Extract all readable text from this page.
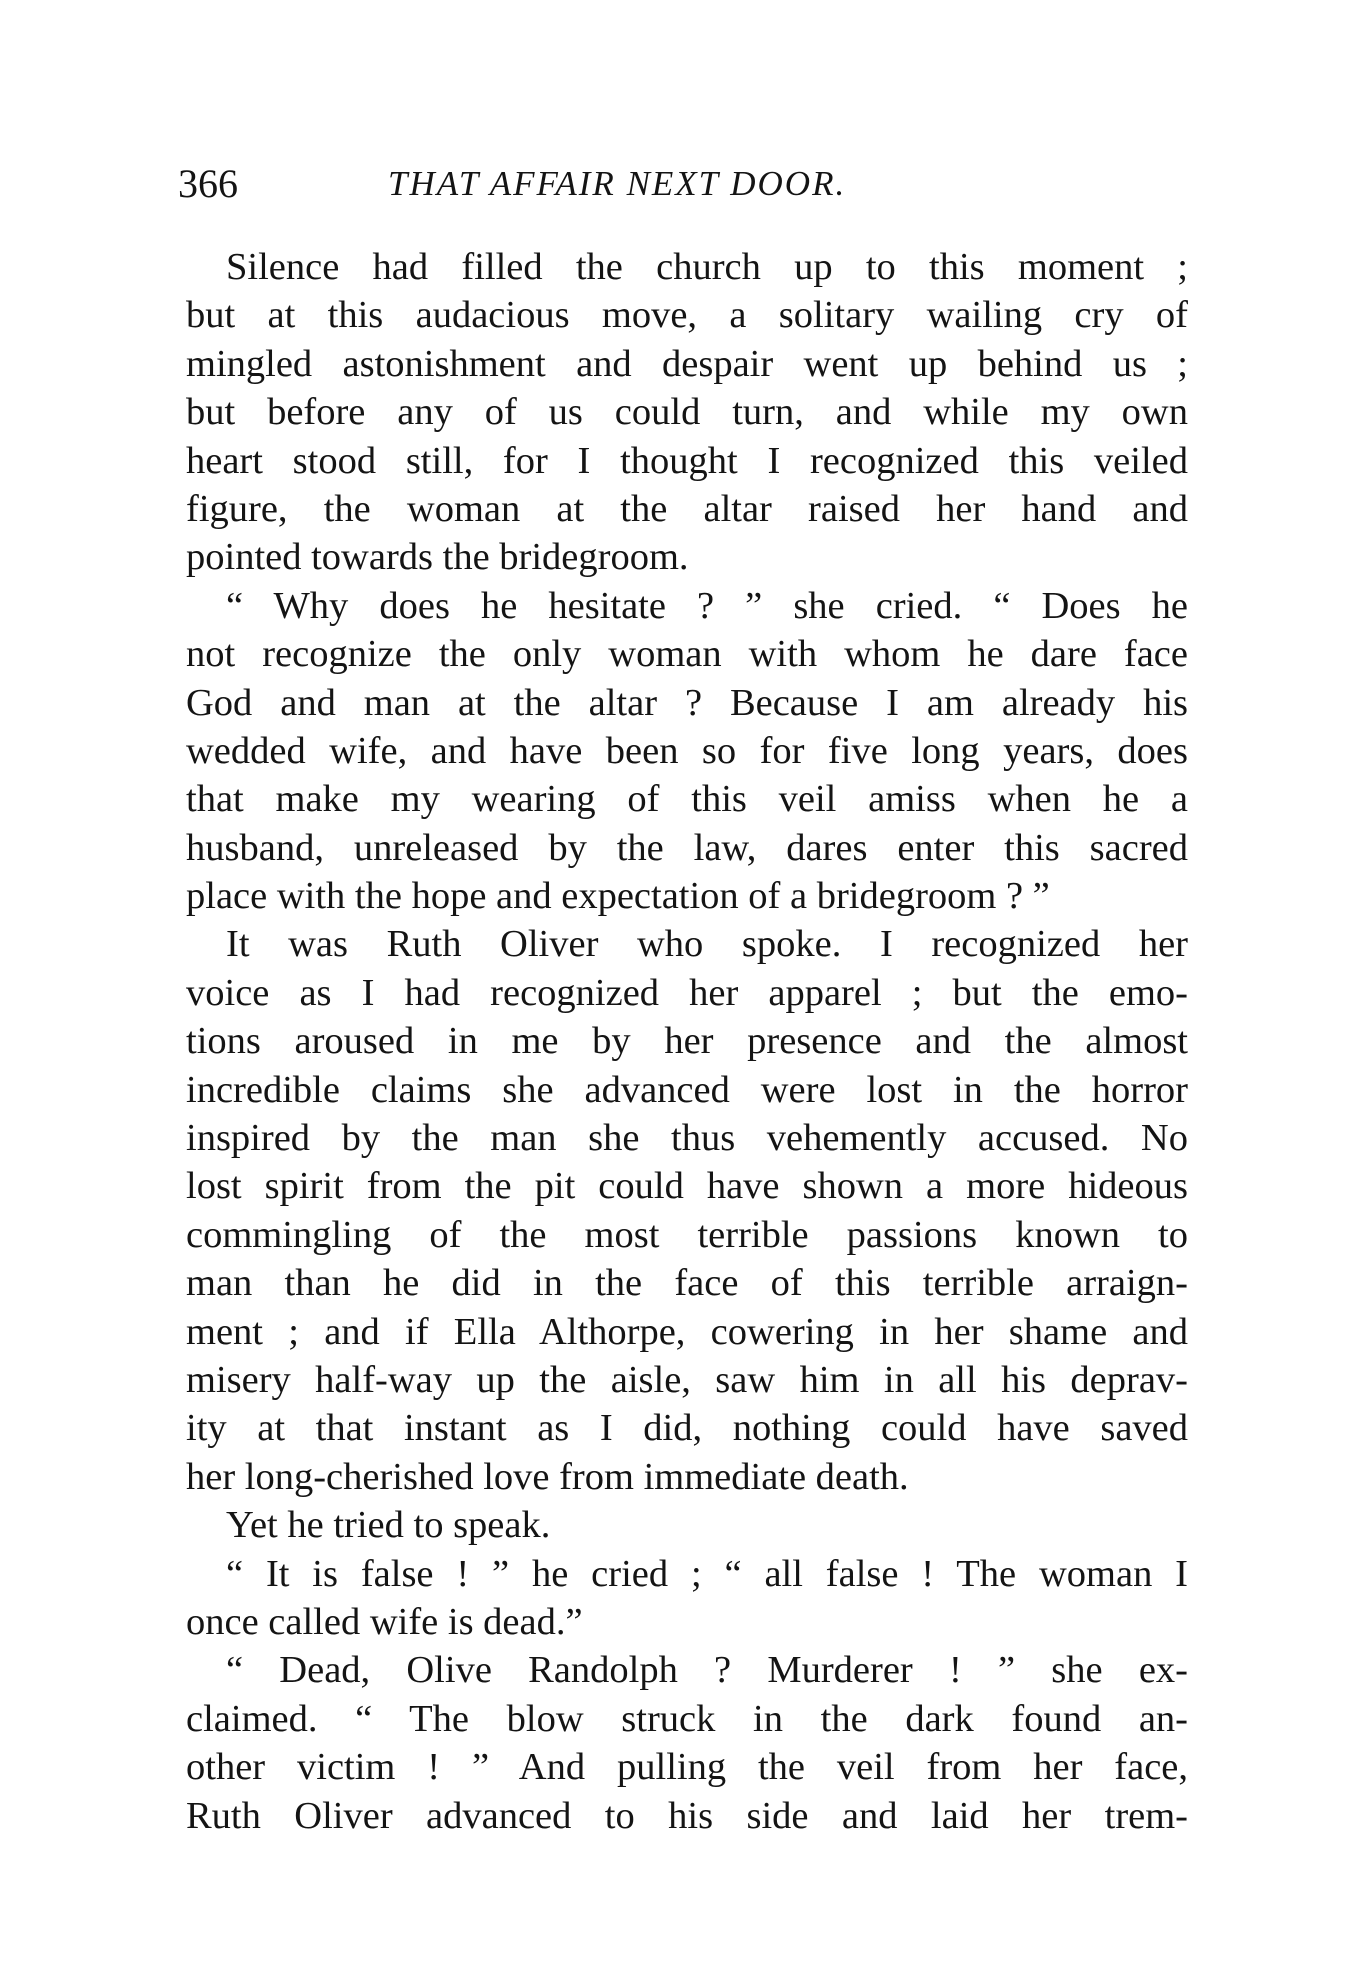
366	THAT AFFAIR NEXT DOOR.
Silence had filled the church up to this moment ;
but at this audacious move, a solitary wailing cry of
mingled astonishment and despair went up behind us ;
but before any of us could turn, and while my own
heart stood still, for I thought I recognized this veiled
figure, the woman at the altar raised her hand and
pointed towards the bridegroom.
“ Why does he hesitate ? ” she cried. “ Does he
not recognize the only woman with whom he dare face
God and man at the altar ? Because I am already his
wedded wife, and have been so for five long years, does
that make my wearing of this veil amiss when he a
husband, unreleased by the law, dares enter this sacred
place with the hope and expectation of a bridegroom ? ”
It was Ruth Oliver who spoke. I recognized her
voice as I had recognized her apparel ; but the emo-
tions aroused in me by her presence and the almost
incredible claims she advanced were lost in the horror
inspired by the man she thus vehemently accused. No
lost spirit from the pit could have shown a more hideous
commingling of the most terrible passions known to
man than he did in the face of this terrible arraign-
ment ; and if Ella Althorpe, cowering in her shame and
misery half-way up the aisle, saw him in all his deprav-
ity at that instant as I did, nothing could have saved
her long-cherished love from immediate death.
Yet he tried to speak.
“ It is false ! ” he cried ; “ all false ! The woman I
once called wife is dead.”
“ Dead, Olive Randolph ? Murderer ! ” she ex-
claimed. “ The blow struck in the dark found an-
other victim ! ” And pulling the veil from her face,
Ruth Oliver advanced to his side and laid her trem-
